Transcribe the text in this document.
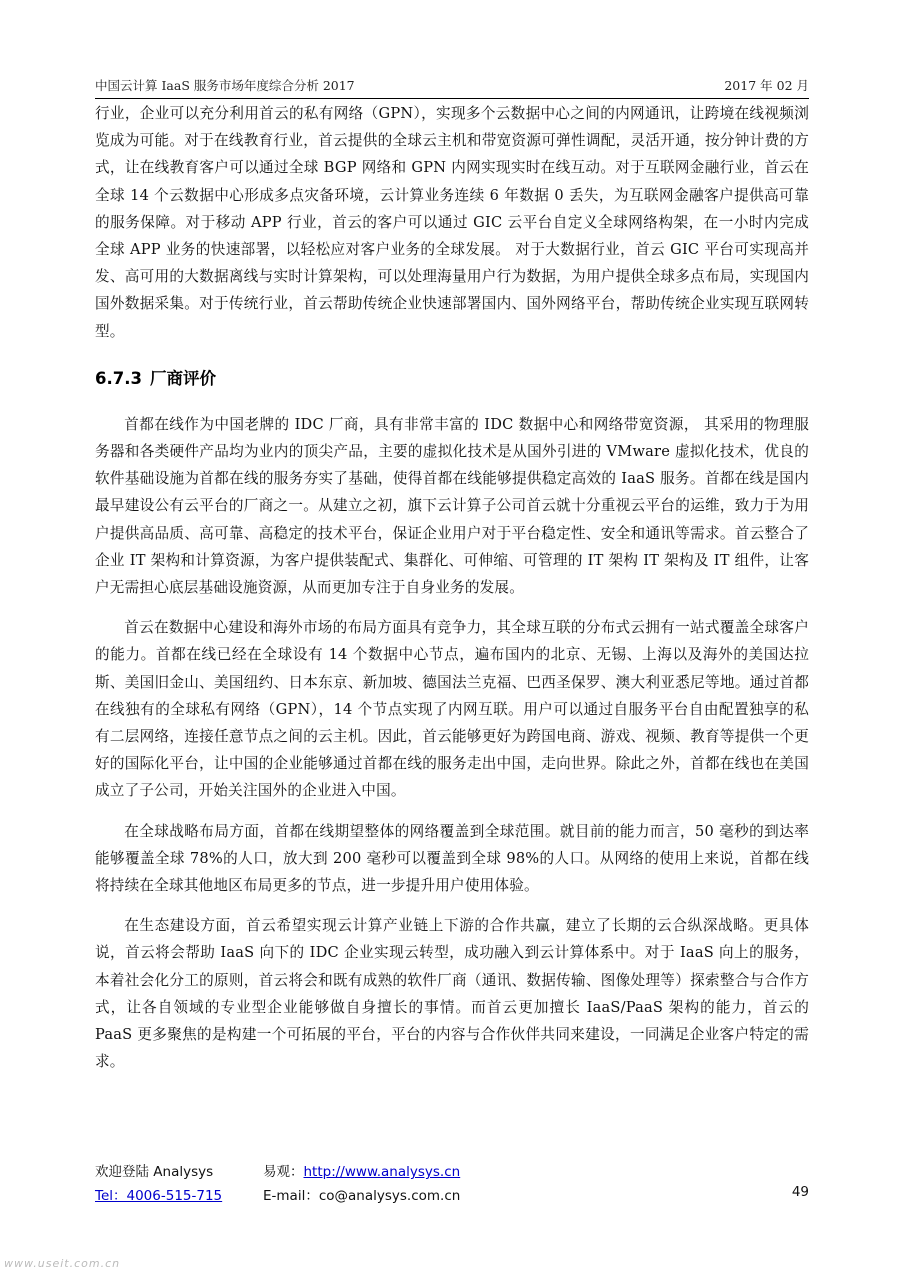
中国云计算 IaaS 服务市场年度综合分析 2017	2017 年 02 月

行业，企业可以充分利用首云的私有网络（GPN），实现多个云数据中心之间的内网通讯，让跨境在线视频浏览成为可能。对于在线教育行业，首云提供的全球云主机和带宽资源可弹性调配，灵活开通，按分钟计费的方式，让在线教育客户可以通过全球 BGP 网络和 GPN 内网实现实时在线互动。对于互联网金融行业，首云在全球 14 个云数据中心形成多点灾备环境，云计算业务连续 6 年数据 0 丢失，为互联网金融客户提供高可靠的服务保障。对于移动 APP 行业，首云的客户可以通过 GIC 云平台自定义全球网络构架，在一小时内完成全球 APP 业务的快速部署，以轻松应对客户业务的全球发展。 对于大数据行业，首云 GIC 平台可实现高并发、高可用的大数据离线与实时计算架构，可以处理海量用户行为数据，为用户提供全球多点布局，实现国内国外数据采集。对于传统行业，首云帮助传统企业快速部署国内、国外网络平台，帮助传统企业实现互联网转型。

6.7.3 厂商评价

首都在线作为中国老牌的 IDC 厂商，具有非常丰富的 IDC 数据中心和网络带宽资源， 其采用的物理服务器和各类硬件产品均为业内的顶尖产品，主要的虚拟化技术是从国外引进的 VMware 虚拟化技术，优良的软件基础设施为首都在线的服务夯实了基础，使得首都在线能够提供稳定高效的 IaaS 服务。首都在线是国内最早建设公有云平台的厂商之一。从建立之初，旗下云计算子公司首云就十分重视云平台的运维，致力于为用户提供高品质、高可靠、高稳定的技术平台，保证企业用户对于平台稳定性、安全和通讯等需求。首云整合了企业 IT 架构和计算资源，为客户提供装配式、集群化、可伸缩、可管理的 IT 架构 IT 架构及 IT 组件，让客户无需担心底层基础设施资源，从而更加专注于自身业务的发展。

首云在数据中心建设和海外市场的布局方面具有竞争力，其全球互联的分布式云拥有一站式覆盖全球客户的能力。首都在线已经在全球设有 14 个数据中心节点，遍布国内的北京、无锡、上海以及海外的美国达拉斯、美国旧金山、美国纽约、日本东京、新加坡、德国法兰克福、巴西圣保罗、澳大利亚悉尼等地。通过首都在线独有的全球私有网络（GPN），14 个节点实现了内网互联。用户可以通过自服务平台自由配置独享的私有二层网络，连接任意节点之间的云主机。因此，首云能够更好为跨国电商、游戏、视频、教育等提供一个更好的国际化平台，让中国的企业能够通过首都在线的服务走出中国，走向世界。除此之外，首都在线也在美国成立了子公司，开始关注国外的企业进入中国。

在全球战略布局方面，首都在线期望整体的网络覆盖到全球范围。就目前的能力而言，50 毫秒的到达率能够覆盖全球 78%的人口，放大到 200 毫秒可以覆盖到全球 98%的人口。从网络的使用上来说，首都在线将持续在全球其他地区布局更多的节点，进一步提升用户使用体验。

在生态建设方面，首云希望实现云计算产业链上下游的合作共赢，建立了长期的云合纵深战略。更具体说，首云将会帮助 IaaS 向下的 IDC 企业实现云转型，成功融入到云计算体系中。对于 IaaS 向上的服务，本着社会化分工的原则，首云将会和既有成熟的软件厂商（通讯、数据传输、图像处理等）探索整合与合作方式，让各自领域的专业型企业能够做自身擅长的事情。而首云更加擅长 IaaS/PaaS 架构的能力，首云的 PaaS 更多聚焦的是构建一个可拓展的平台，平台的内容与合作伙伴共同来建设，一同满足企业客户特定的需求。

欢迎登陆 Analysys	易观：http://www.analysys.cn
Tel：4006-515-715	E-mail：co@analysys.com.cn	49
www.useit.com.cn
